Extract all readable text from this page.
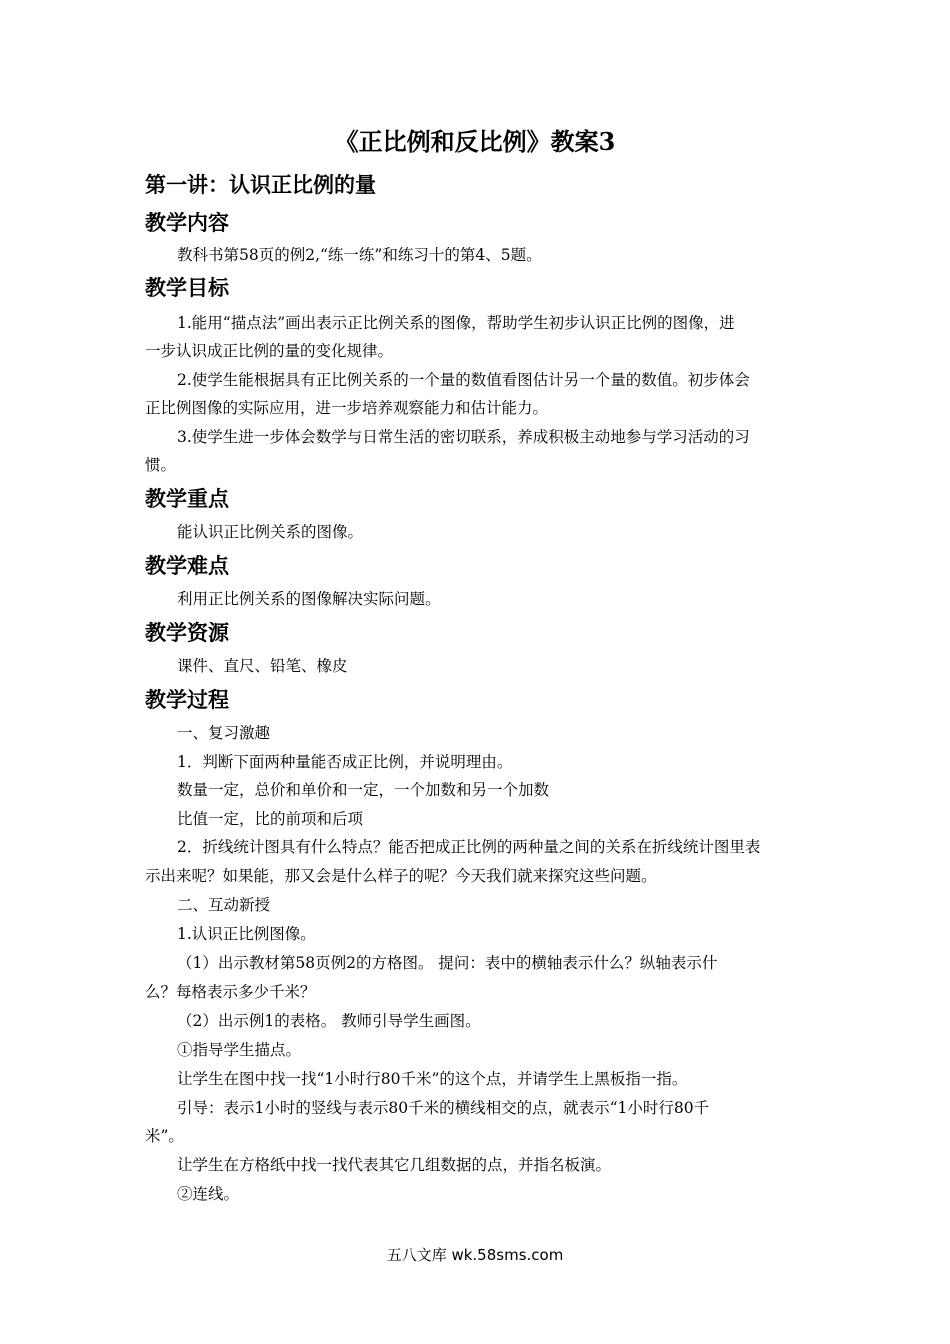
《正比例和反比例》教案3
第一讲：认识正比例的量
教学内容
教科书第58页的例2,“练一练”和练习十的第4、5题。
教学目标
1.能用“描点法”画出表示正比例关系的图像，帮助学生初步认识正比例的图像，进
一步认识成正比例的量的变化规律。
2.使学生能根据具有正比例关系的一个量的数值看图估计另一个量的数值。初步体会
正比例图像的实际应用，进一步培养观察能力和估计能力。
3.使学生进一步体会数学与日常生活的密切联系，养成积极主动地参与学习活动的习
惯。
教学重点
能认识正比例关系的图像。
教学难点
利用正比例关系的图像解决实际问题。
教学资源
课件、直尺、铅笔、橡皮
教学过程
一、复习激趣
1．判断下面两种量能否成正比例，并说明理由。
数量一定，总价和单价和一定，一个加数和另一个加数
比值一定，比的前项和后项
2．折线统计图具有什么特点？能否把成正比例的两种量之间的关系在折线统计图里表
示出来呢？如果能，那又会是什么样子的呢？今天我们就来探究这些问题。
二、互动新授
1.认识正比例图像。
（1）出示教材第58页例2的方格图。 提问：表中的横轴表示什么？纵轴表示什
么？每格表示多少千米？
（2）出示例1的表格。 教师引导学生画图。
①指导学生描点。
让学生在图中找一找“1小时行80千米”的这个点，并请学生上黑板指一指。
引导：表示1小时的竖线与表示80千米的横线相交的点，就表示“1小时行80千
米”。
让学生在方格纸中找一找代表其它几组数据的点，并指名板演。
②连线。
五八文库 wk.58sms.com
